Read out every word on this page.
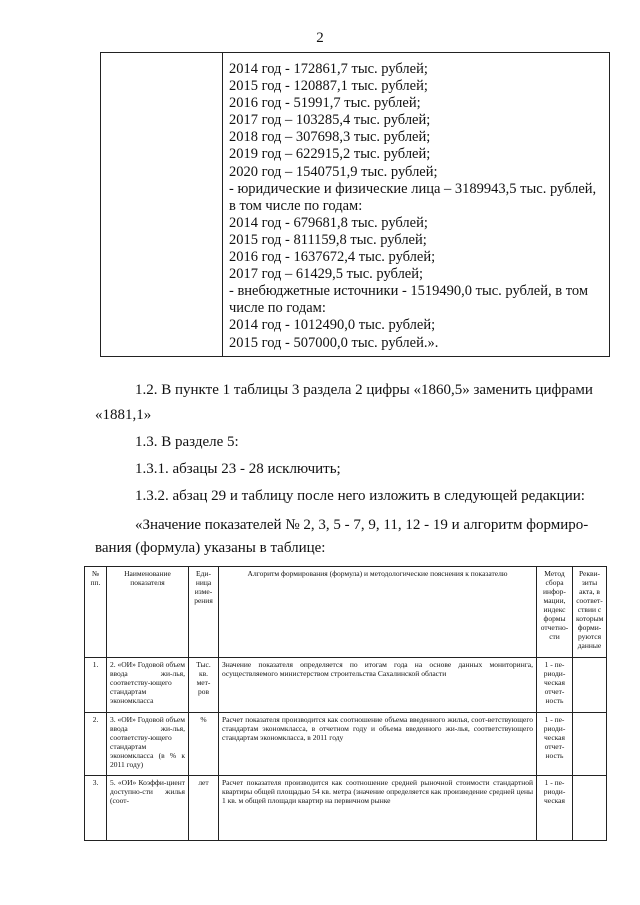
2
2014 год - 172861,7 тыс. рублей;
2015 год - 120887,1 тыс. рублей;
2016 год - 51991,7 тыс. рублей;
2017 год – 103285,4 тыс. рублей;
2018 год – 307698,3 тыс. рублей;
2019 год – 622915,2 тыс. рублей;
2020 год – 1540751,9 тыс. рублей;
- юридические и физические лица – 3189943,5 тыс. рублей,
в том числе по годам:
2014 год - 679681,8 тыс. рублей;
2015 год - 811159,8 тыс. рублей;
2016 год - 1637672,4 тыс. рублей;
2017 год – 61429,5 тыс. рублей;
- внебюджетные источники - 1519490,0 тыс. рублей, в том
числе по годам:
2014 год - 1012490,0 тыс. рублей;
2015 год - 507000,0 тыс. рублей.».
1.2. В пункте 1 таблицы 3 раздела 2 цифры «1860,5» заменить цифрами
«1881,1»
1.3. В разделе 5:
1.3.1. абзацы 23 - 28 исключить;
1.3.2. абзац 29 и таблицу после него изложить в следующей редакции:
«Значение показателей № 2, 3, 5 - 7, 9, 11, 12 - 19 и алгоритм формиро-
вания (формула) указаны в таблице:
№ пп.	Наименование показателя	Еди-ница изме-рения	Алгоритм формирования (формула) и методологические пояснения к показателю	Метод сбора инфор-мации, индекс формы отчетно-сти	Рекви-зиты акта, в соответ-ствии с которым форми-руются данные
1.	2. «ОИ» Годовой объем ввода жи-лья, соответству-ющего стандартам экономкласса	Тыс. кв. мет-ров	Значение показателя определяется по итогам года на основе данных мониторинга, осуществляемого министерством строительства Сахалинской области	1 - пе-риоди-ческая отчет-ность	
2.	3. «ОИ» Годовой объем ввода жи-лья, соответству-ющего стандартам экономкласса (в % к 2011 году)	%	Расчет показателя производится как соотношение объема введенного жилья, соот-ветствующего стандартам экономкласса, в отчетном году и объема введенного жи-лья, соответствующего стандартам экономкласса, в 2011 году	1 - пе-риоди-ческая отчет-ность	
3.	5. «ОИ» Коэффи-циент доступно-сти жилья (соот-	лет	Расчет показателя производится как соотношение средней рыночной стоимости стандартной квартиры общей площадью 54 кв. метра (значение определяется как произведение средней цены 1 кв. м общей площади квартир на первичном рынке	1 - пе-риоди-ческая	
